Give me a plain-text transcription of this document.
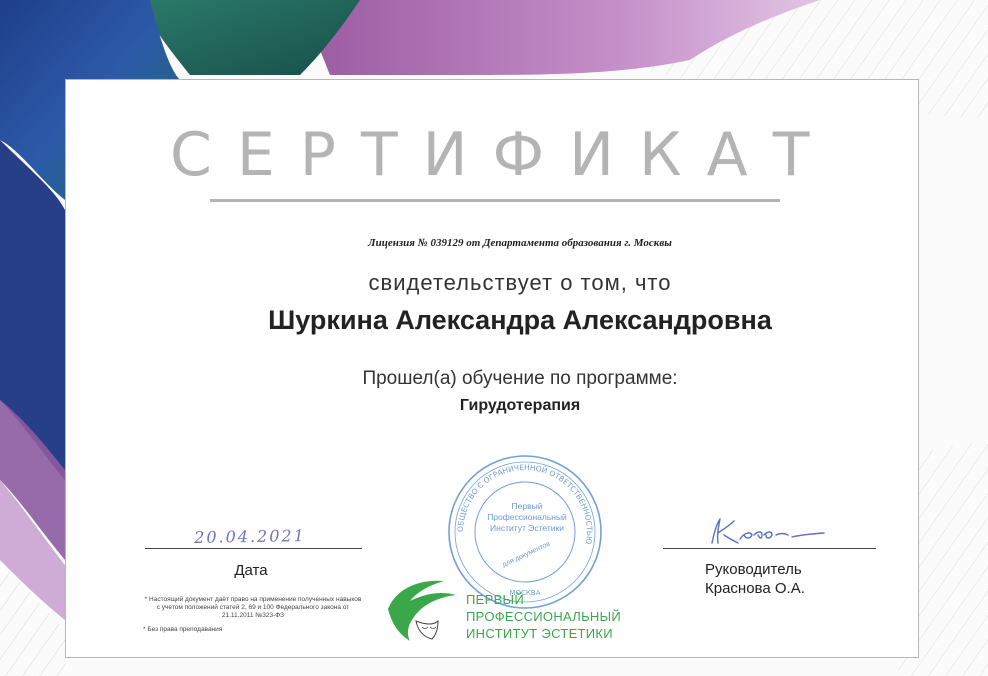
СЕРТИФИКАТ
Лицензия № 039129 от Департамента образования г. Москвы
свидетельствует о том, что
Шуркина Александра Александровна
Прошел(а) обучение по программе:
Гирудотерапия
20.04.2021
Дата
* Настоящий документ даёт право на применение полученных навыков с учетом положений статей 2, 69 и 100 Федерального закона от 21.11.2011 №323-ФЗ
* Без права преподавания
ОБЩЕСТВО С ОГРАНИЧЕННОЙ ОТВЕТСТВЕННОСТЬЮ
МОСКВА
Первый
Профессиональный
Институт Эстетики
для документов
Руководитель
Краснова О.А.
ПЕРВЫЙ
ПРОФЕССИОНАЛЬНЫЙ
ИНСТИТУТ ЭСТЕТИКИ
